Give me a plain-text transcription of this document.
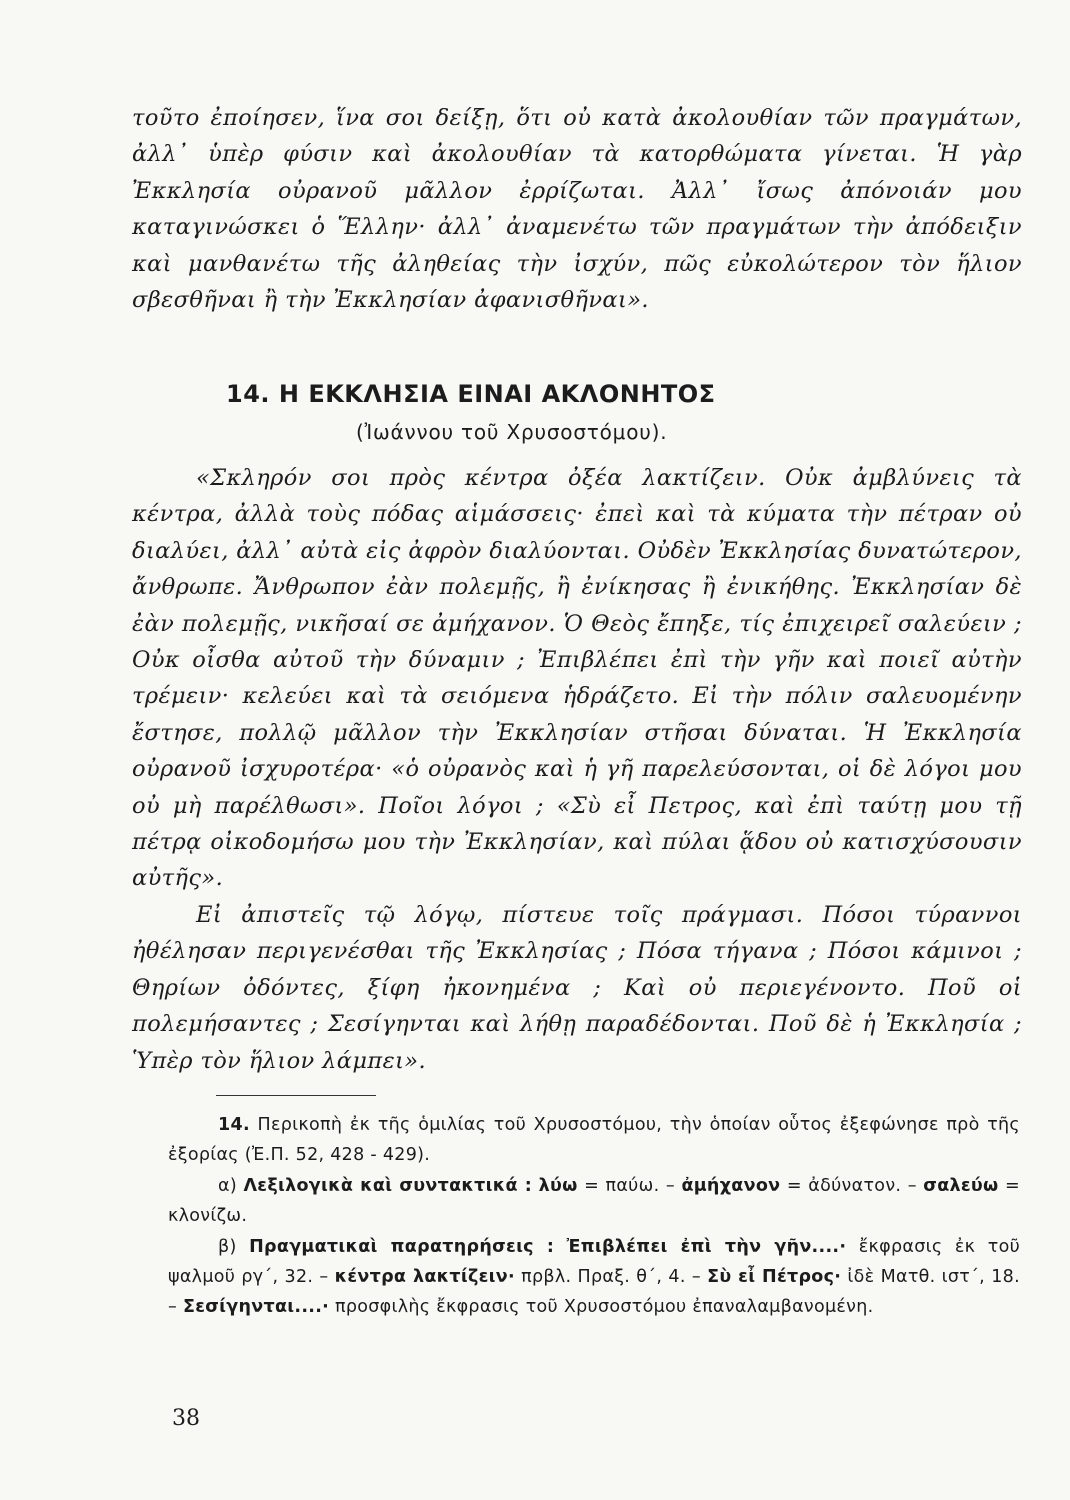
τοῦτο ἐποίησεν, ἵνα σοι δείξῃ, ὅτι οὐ κατὰ ἀκολουθίαν τῶν πραγμάτων, ἀλλ᾽ ὑπὲρ φύσιν καὶ ἀκολουθίαν τὰ κατορθώματα γίνεται. Ἡ γὰρ Ἐκκλησία οὐρανοῦ μᾶλλον ἐρρίζωται. Ἀλλ᾽ ἴσως ἀπόνοιάν μου καταγινώσκει ὁ Ἕλλην· ἀλλ᾽ ἀναμενέτω τῶν πραγμάτων τὴν ἀπόδειξιν καὶ μανθανέτω τῆς ἀληθείας τὴν ἰσχύν, πῶς εὐκολώτερον τὸν ἥλιον σβεσθῆναι ἢ τὴν Ἐκκλησίαν ἀφανισθῆναι».

14. Η ΕΚΚΛΗΣΙΑ ΕΙΝΑΙ ΑΚΛΟΝΗΤΟΣ
(Ἰωάννου τοῦ Χρυσοστόμου).

«Σκληρόν σοι πρὸς κέντρα ὀξέα λακτίζειν. Οὐκ ἀμβλύνεις τὰ κέντρα, ἀλλὰ τοὺς πόδας αἱμάσσεις· ἐπεὶ καὶ τὰ κύματα τὴν πέτραν οὐ διαλύει, ἀλλ᾽ αὐτὰ εἰς ἀφρὸν διαλύονται. Οὐδὲν Ἐκκλησίας δυνατώτερον, ἄνθρωπε. Ἄνθρωπον ἐὰν πολεμῇς, ἢ ἐνίκησας ἢ ἐνικήθης. Ἐκκλησίαν δὲ ἐὰν πολεμῇς, νικῆσαί σε ἀμήχανον. Ὁ Θεὸς ἔπηξε, τίς ἐπιχειρεῖ σαλεύειν ; Οὐκ οἶσθα αὐτοῦ τὴν δύναμιν ; Ἐπιβλέπει ἐπὶ τὴν γῆν καὶ ποιεῖ αὐτὴν τρέμειν· κελεύει καὶ τὰ σειόμενα ἡδράζετο. Εἰ τὴν πόλιν σαλευομένην ἔστησε, πολλῷ μᾶλλον τὴν Ἐκκλησίαν στῆσαι δύναται. Ἡ Ἐκκλησία οὐρανοῦ ἰσχυροτέρα· «ὁ οὐρανὸς καὶ ἡ γῆ παρελεύσονται, οἱ δὲ λόγοι μου οὐ μὴ παρέλθωσι». Ποῖοι λόγοι ; «Σὺ εἶ Πετρος, καὶ ἐπὶ ταύτῃ μου τῇ πέτρᾳ οἰκοδομήσω μου τὴν Ἐκκλησίαν, καὶ πύλαι ᾅδου οὐ κατισχύσουσιν αὐτῆς».

Εἰ ἀπιστεῖς τῷ λόγῳ, πίστευε τοῖς πράγμασι. Πόσοι τύραννοι ἠθέλησαν περιγενέσθαι τῆς Ἐκκλησίας ; Πόσα τήγανα ; Πόσοι κάμινοι ; Θηρίων ὀδόντες, ξίφη ἠκονημένα ; Καὶ οὐ περιεγένοντο. Ποῦ οἱ πολεμήσαντες ; Σεσίγηνται καὶ λήθῃ παραδέδονται. Ποῦ δὲ ἡ Ἐκκλησία ; Ὑπὲρ τὸν ἥλιον λάμπει».

14. Περικοπὴ ἐκ τῆς ὁμιλίας τοῦ Χρυσοστόμου, τὴν ὁποίαν οὗτος ἐξεφώνησε πρὸ τῆς ἐξορίας (Ἐ.Π. 52, 428 - 429).

α) Λεξιλογικὰ καὶ συντακτικά : λύω = παύω. – ἀμήχανον = ἀδύνατον. – σαλεύω = κλονίζω.

β) Πραγματικαὶ παρατηρήσεις : Ἐπιβλέπει ἐπὶ τὴν γῆν....· ἔκφρασις ἐκ τοῦ ψαλμοῦ ργ΄, 32. – κέντρα λακτίζειν· πρβλ. Πραξ. θ΄, 4. – Σὺ εἶ Πέτρος· ἰδὲ Ματθ. ιστ΄, 18. – Σεσίγηνται....· προσφιλὴς ἔκφρασις τοῦ Χρυσοστόμου ἐπαναλαμβανομένη.

38
